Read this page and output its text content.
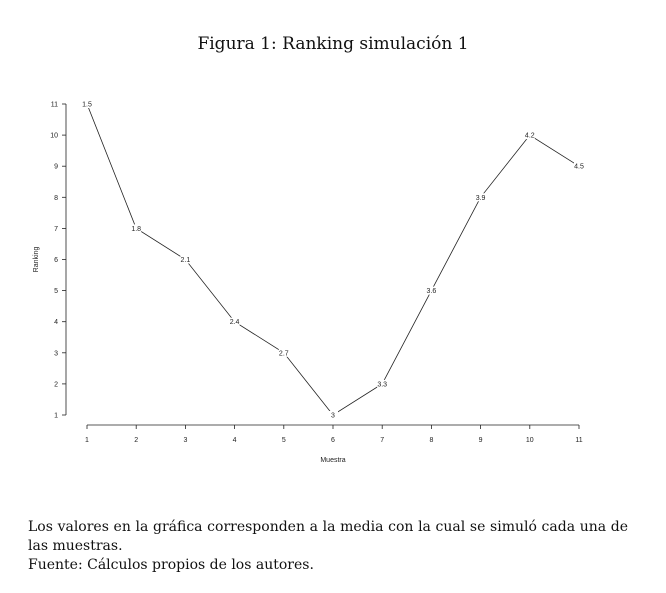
Figura 1: Ranking simulación 1
1
2
3
4
5
6
7
8
9
10
11
1	2	3	4	5	6	7	8	9	10	11
1.5
1.8
2.1
2.4
2.7
3
3.3
3.6
3.9
4.2
4.5
Ranking
Muestra

Los valores en la gráfica corresponden a la media con la cual se simuló cada una de las muestras.

Fuente: Cálculos propios de los autores.
